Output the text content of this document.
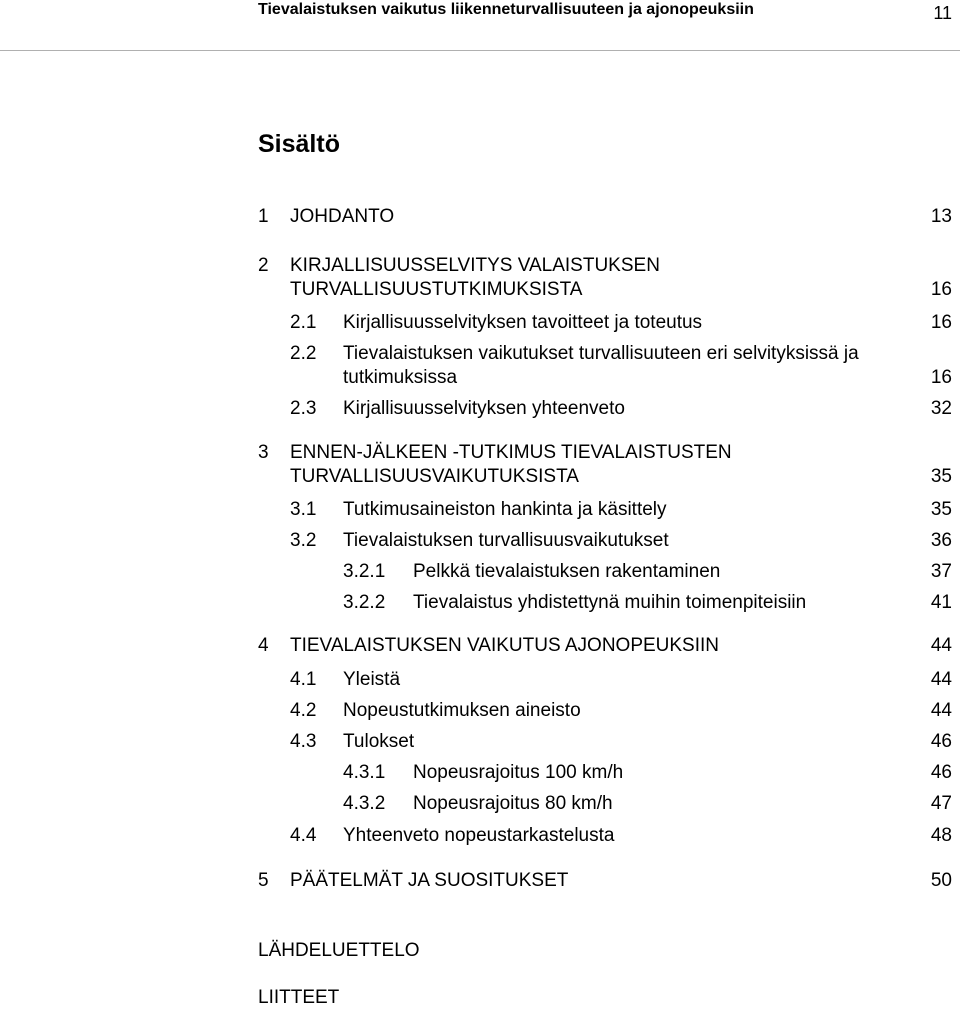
Tievalaistuksen vaikutus liikenneturvallisuuteen ja ajonopeuksiin	11
Sisältö
1 JOHDANTO	13
2 KIRJALLISUUSSELVITYS VALAISTUKSEN
TURVALLISUUSTUTKIMUKSISTA	16
2.1 Kirjallisuusselvityksen tavoitteet ja toteutus	16
2.2 Tievalaistuksen vaikutukset turvallisuuteen eri selvityksissä ja
tutkimuksissa	16
2.3 Kirjallisuusselvityksen yhteenveto	32
3 ENNEN-JÄLKEEN -TUTKIMUS TIEVALAISTUSTEN
TURVALLISUUSVAIKUTUKSISTA	35
3.1 Tutkimusaineiston hankinta ja käsittely	35
3.2 Tievalaistuksen turvallisuusvaikutukset	36
3.2.1 Pelkkä tievalaistuksen rakentaminen	37
3.2.2 Tievalaistus yhdistettynä muihin toimenpiteisiin	41
4 TIEVALAISTUKSEN VAIKUTUS AJONOPEUKSIIN	44
4.1 Yleistä	44
4.2 Nopeustutkimuksen aineisto	44
4.3 Tulokset	46
4.3.1 Nopeusrajoitus 100 km/h	46
4.3.2 Nopeusrajoitus 80 km/h	47
4.4 Yhteenveto nopeustarkastelusta	48
5 PÄÄTELMÄT JA SUOSITUKSET	50
LÄHDELUETTELO
LIITTEET
